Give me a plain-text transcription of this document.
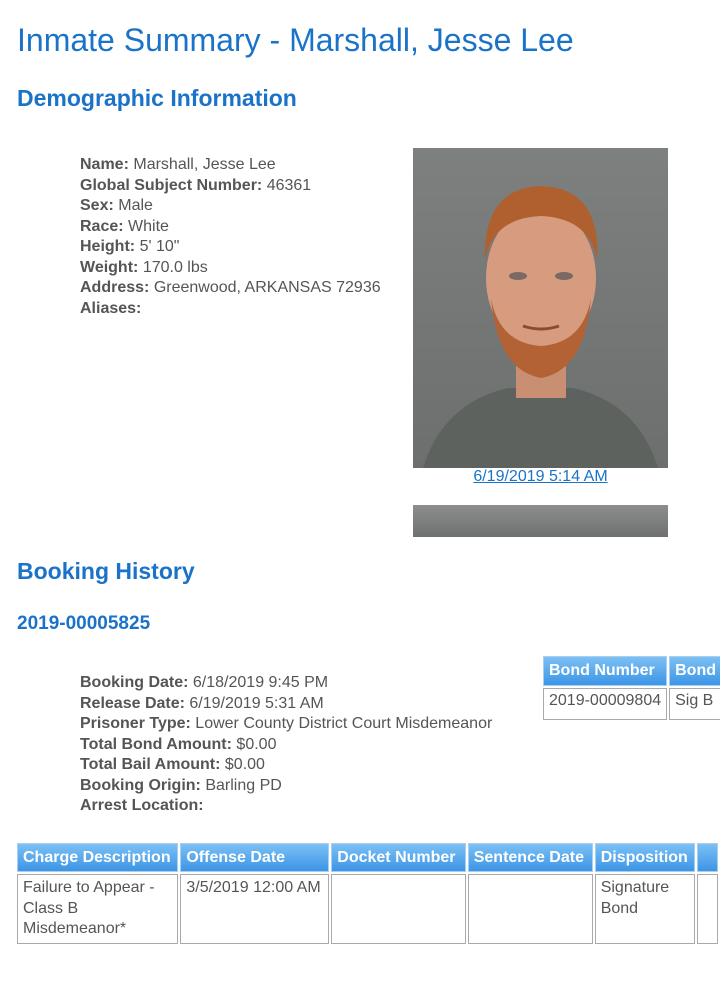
Inmate Summary - Marshall, Jesse Lee
Demographic Information
Name: Marshall, Jesse Lee
Global Subject Number: 46361
Sex: Male
Race: White
Height: 5' 10"
Weight: 170.0 lbs
Address: Greenwood, ARKANSAS 72936
Aliases:
6/19/2019 5:14 AM
Booking History
2019-00005825
Booking Date: 6/18/2019 9:45 PM
Release Date: 6/19/2019 5:31 AM
Prisoner Type: Lower County District Court Misdemeanor
Total Bond Amount: $0.00
Total Bail Amount: $0.00
Booking Origin: Barling PD
Arrest Location:
Bond Number	Bond
2019-00009804	Sig B
Charge Description	Offense Date	Docket Number	Sentence Date	Disposition	
Failure to Appear - Class B Misdemeanor*	3/5/2019 12:00 AM			Signature Bond	
